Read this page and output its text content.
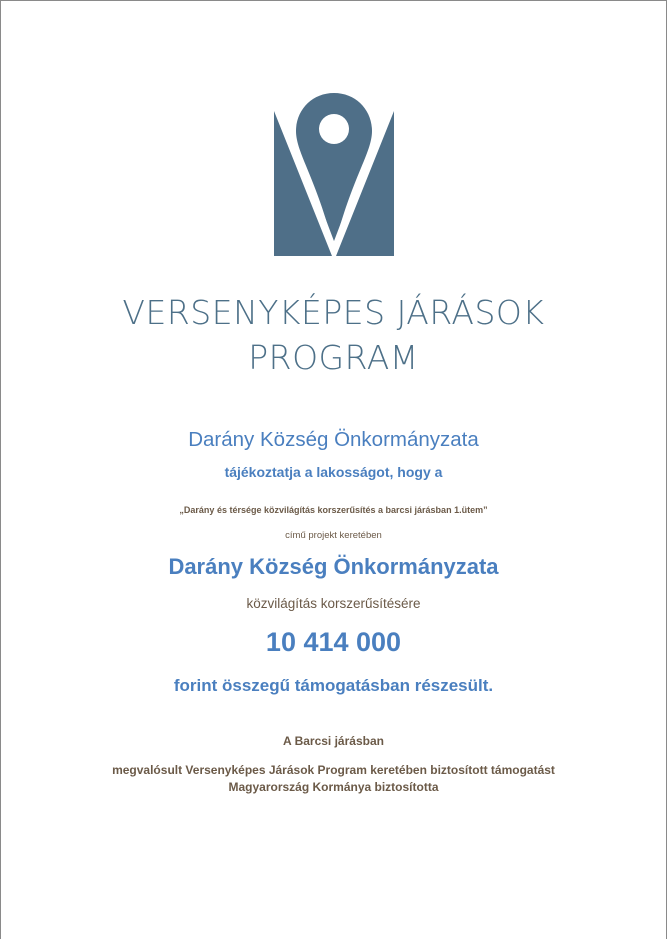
VERSENYKÉPES JÁRÁSOK
PROGRAM
Darány Község Önkormányzata
tájékoztatja a lakosságot, hogy a
„Darány és térsége közvilágítás korszerűsítés a barcsi járásban 1.ütem”
című projekt keretében
Darány Község Önkormányzata
közvilágítás korszerűsítésére
10 414 000
forint összegű támogatásban részesült.
A Barcsi járásban
megvalósult Versenyképes Járások Program keretében biztosított támogatást
Magyarország Kormánya biztosította
